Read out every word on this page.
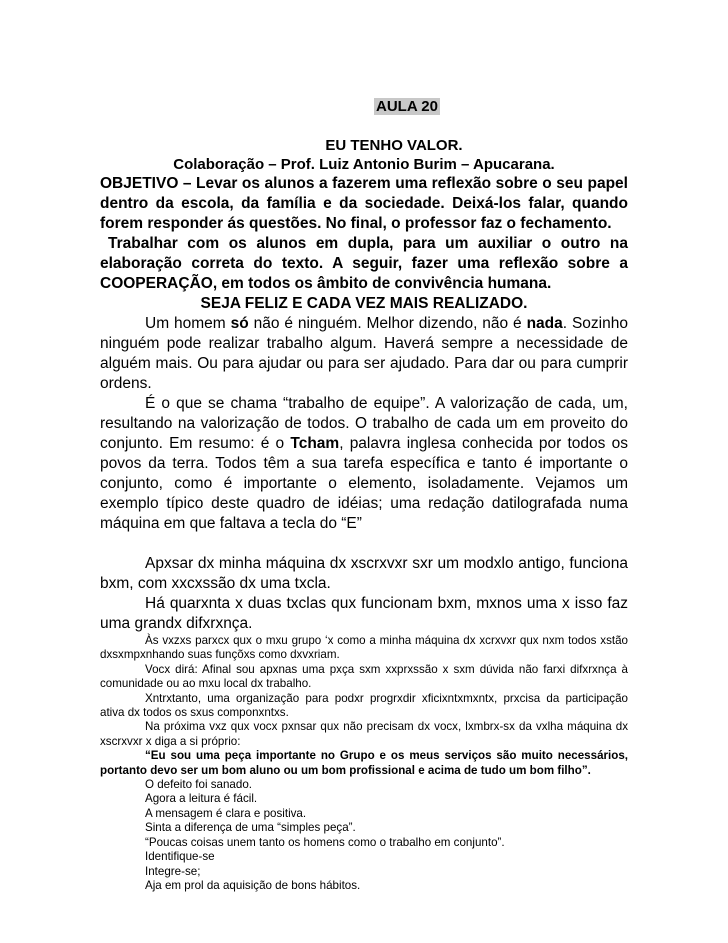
AULA 20
EU TENHO VALOR.
Colaboração – Prof. Luiz Antonio Burim – Apucarana.

OBJETIVO – Levar os alunos a fazerem uma reflexão sobre o seu papel dentro da escola, da família e da sociedade. Deixá-los falar, quando forem responder ás questões. No final, o professor faz o fechamento.

Trabalhar com os alunos em dupla, para um auxiliar o outro na elaboração correta do texto. A seguir, fazer uma reflexão sobre a COOPERAÇÃO, em todos os âmbito de convivência humana.

SEJA FELIZ E CADA VEZ MAIS REALIZADO.

Um homem só não é ninguém. Melhor dizendo, não é nada. Sozinho ninguém pode realizar trabalho algum. Haverá sempre a necessidade de alguém mais. Ou para ajudar ou para ser ajudado. Para dar ou para cumprir ordens.

É o que se chama “trabalho de equipe”. A valorização de cada, um, resultando na valorização de todos. O trabalho de cada um em proveito do conjunto. Em resumo: é o Tcham, palavra inglesa conhecida por todos os povos da terra. Todos têm a sua tarefa específica e tanto é importante o conjunto, como é importante o elemento, isoladamente. Vejamos um exemplo típico deste quadro de idéias; uma redação datilografada numa máquina em que faltava a tecla do “E”

Apxsar dx minha máquina dx xscrxvxr sxr um modxlo antigo, funciona bxm, com xxcxssão dx uma txcla.

Há quarxnta x duas txclas qux funcionam bxm, mxnos uma x isso faz uma grandx difxrxnça.

Às vxzxs parxcx qux o mxu grupo ‘x como a minha máquina dx xcrxvxr qux nxm todos xstão dxsxmpxnhando suas funçõxs como dxvxriam.

Vocx dirá: Afinal sou apxnas uma pxça sxm xxprxssão x sxm dúvida não farxi difxrxnça à comunidade ou ao mxu local dx trabalho.

Xntrxtanto, uma organização para podxr progrxdir xficixntxmxntx, prxcisa da participação ativa dx todos os sxus componxntxs.

Na próxima vxz qux vocx pxnsar qux não precisam dx vocx, lxmbrx-sx da vxlha máquina dx xscrxvxr x diga a si próprio:

“Eu sou uma peça importante no Grupo e os meus serviços são muito necessários, portanto devo ser um bom aluno ou um bom profissional e acima de tudo um bom filho”.

O defeito foi sanado.
Agora a leitura é fácil.
A mensagem é clara e positiva.
Sinta a diferença de uma “simples peça”.
“Poucas coisas unem tanto os homens como o trabalho em conjunto”.
Identifique-se
Integre-se;
Aja em prol da aquisição de bons hábitos.
